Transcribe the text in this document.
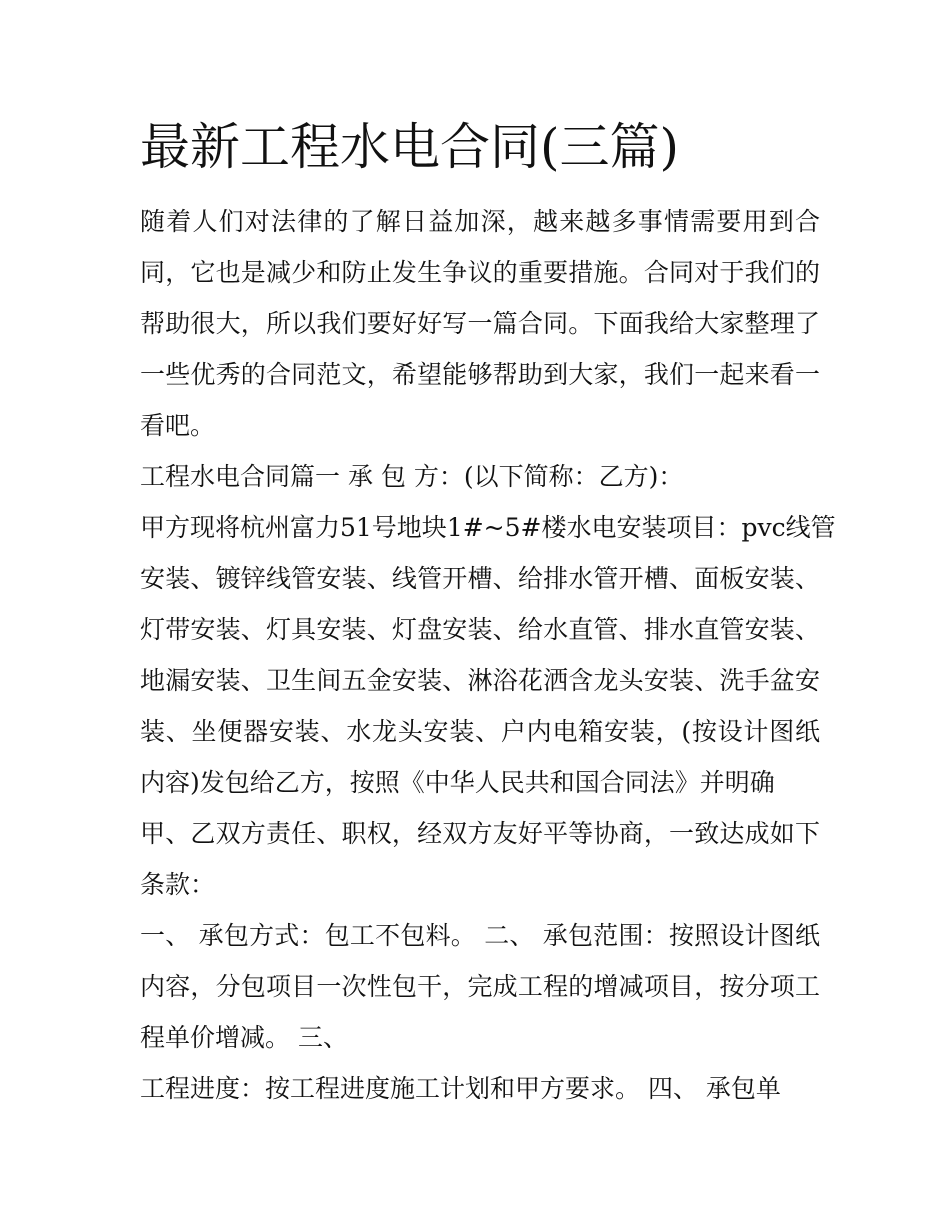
最新工程水电合同(三篇)

随着人们对法律的了解日益加深，越来越多事情需要用到合

同，它也是减少和防止发生争议的重要措施。合同对于我们的

帮助很大，所以我们要好好写一篇合同。下面我给大家整理了

一些优秀的合同范文，希望能够帮助到大家，我们一起来看一

看吧。

工程水电合同篇一 承 包 方：(以下简称：乙方)：

甲方现将杭州富力51号地块1#~5#楼水电安装项目：pvc线管

安装、镀锌线管安装、线管开槽、给排水管开槽、面板安装、

灯带安装、灯具安装、灯盘安装、给水直管、排水直管安装、

地漏安装、卫生间五金安装、淋浴花洒含龙头安装、洗手盆安

装、坐便器安装、水龙头安装、户内电箱安装，(按设计图纸

内容)发包给乙方，按照《中华人民共和国合同法》并明确

甲、乙双方责任、职权，经双方友好平等协商，一致达成如下

条款：

一、 承包方式：包工不包料。 二、 承包范围：按照设计图纸

内容，分包项目一次性包干，完成工程的增减项目，按分项工

程单价增减。 三、

工程进度：按工程进度施工计划和甲方要求。 四、 承包单
